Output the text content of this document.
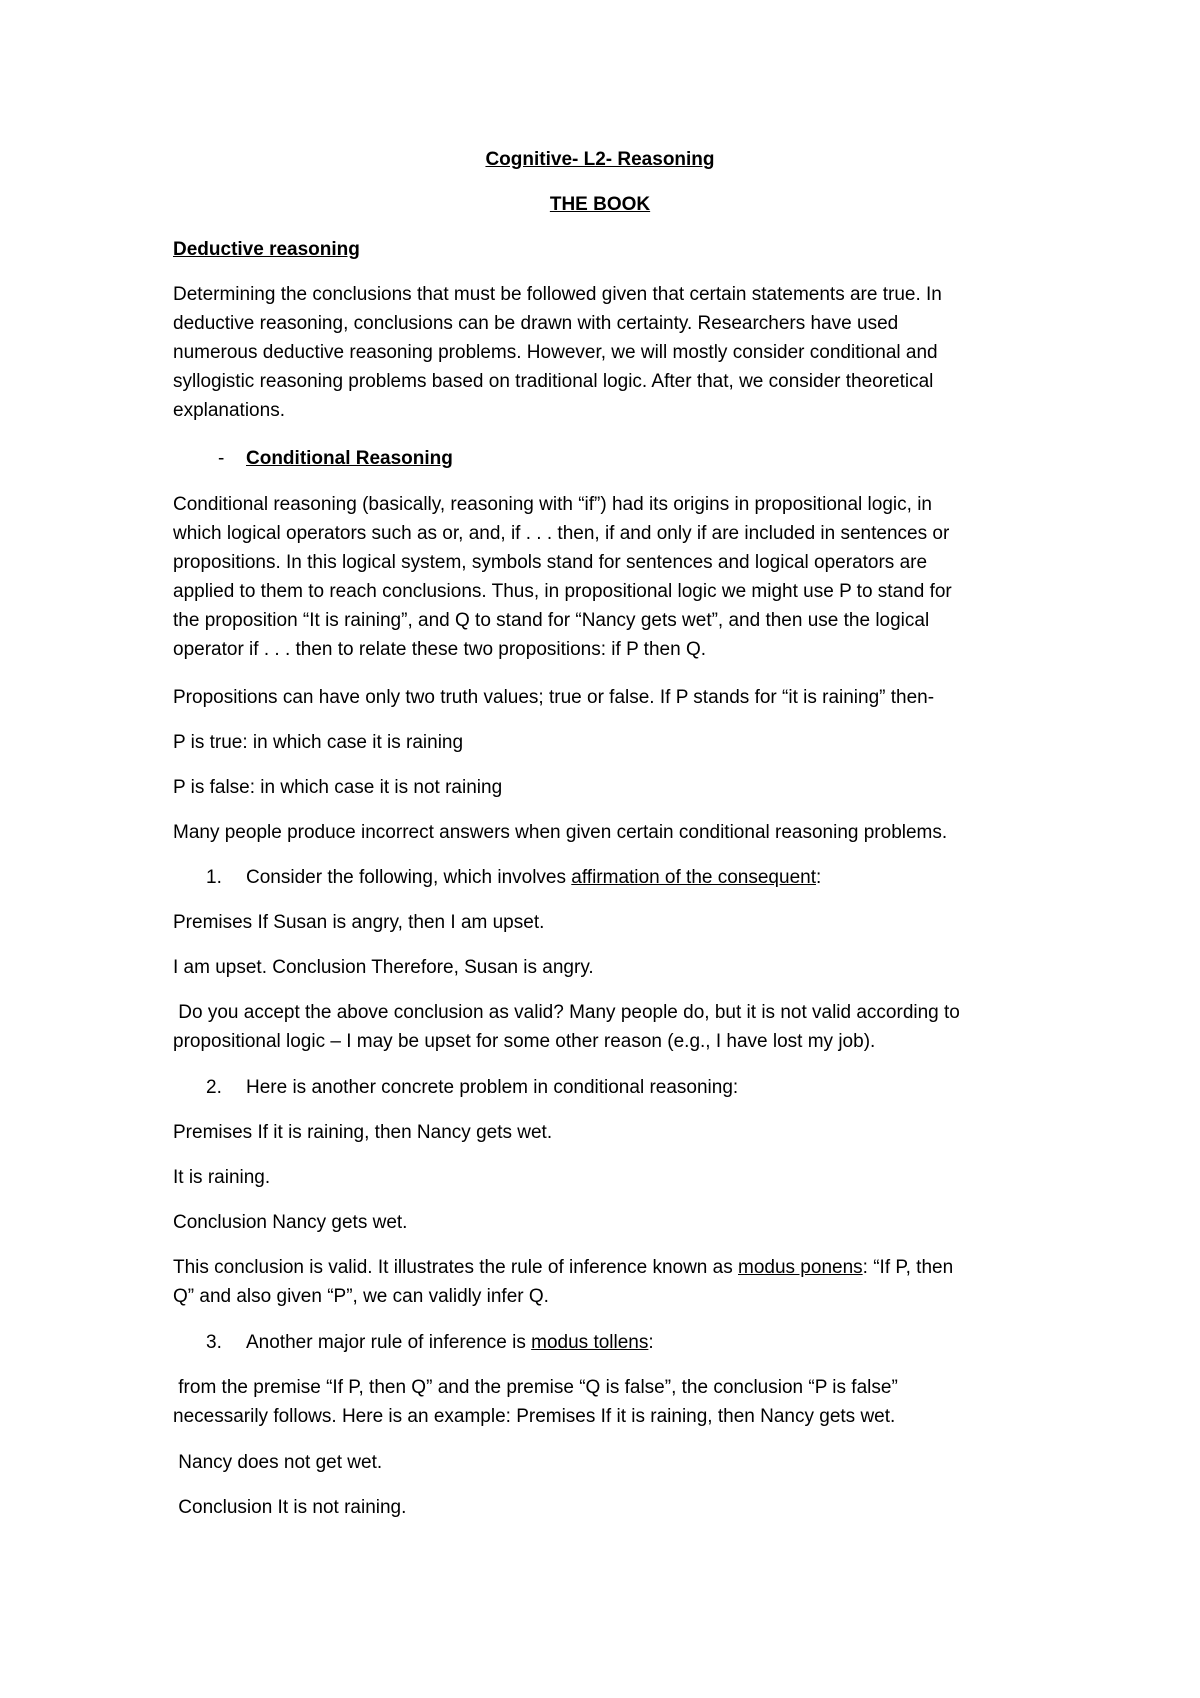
Cognitive- L2- Reasoning
THE BOOK
Deductive reasoning

Determining the conclusions that must be followed given that certain statements are true. In

deductive reasoning, conclusions can be drawn with certainty. Researchers have used

numerous deductive reasoning problems. However, we will mostly consider conditional and

syllogistic reasoning problems based on traditional logic. After that, we consider theoretical

explanations.

- Conditional Reasoning

Conditional reasoning (basically, reasoning with “if”) had its origins in propositional logic, in

which logical operators such as or, and, if . . . then, if and only if are included in sentences or

propositions. In this logical system, symbols stand for sentences and logical operators are

applied to them to reach conclusions. Thus, in propositional logic we might use P to stand for

the proposition “It is raining”, and Q to stand for “Nancy gets wet”, and then use the logical

operator if . . . then to relate these two propositions: if P then Q.

Propositions can have only two truth values; true or false. If P stands for “it is raining” then-
P is true: in which case it is raining
P is false: in which case it is not raining
Many people produce incorrect answers when given certain conditional reasoning problems.
1. Consider the following, which involves affirmation of the consequent:
Premises If Susan is angry, then I am upset.
I am upset. Conclusion Therefore, Susan is angry.

Do you accept the above conclusion as valid? Many people do, but it is not valid according to

propositional logic – I may be upset for some other reason (e.g., I have lost my job).

2. Here is another concrete problem in conditional reasoning:
Premises If it is raining, then Nancy gets wet.
It is raining.
Conclusion Nancy gets wet.

This conclusion is valid. It illustrates the rule of inference known as modus ponens: “If P, then

Q” and also given “P”, we can validly infer Q.

3. Another major rule of inference is modus tollens:

from the premise “If P, then Q” and the premise “Q is false”, the conclusion “P is false”

necessarily follows. Here is an example: Premises If it is raining, then Nancy gets wet.

Nancy does not get wet.
Conclusion It is not raining.
